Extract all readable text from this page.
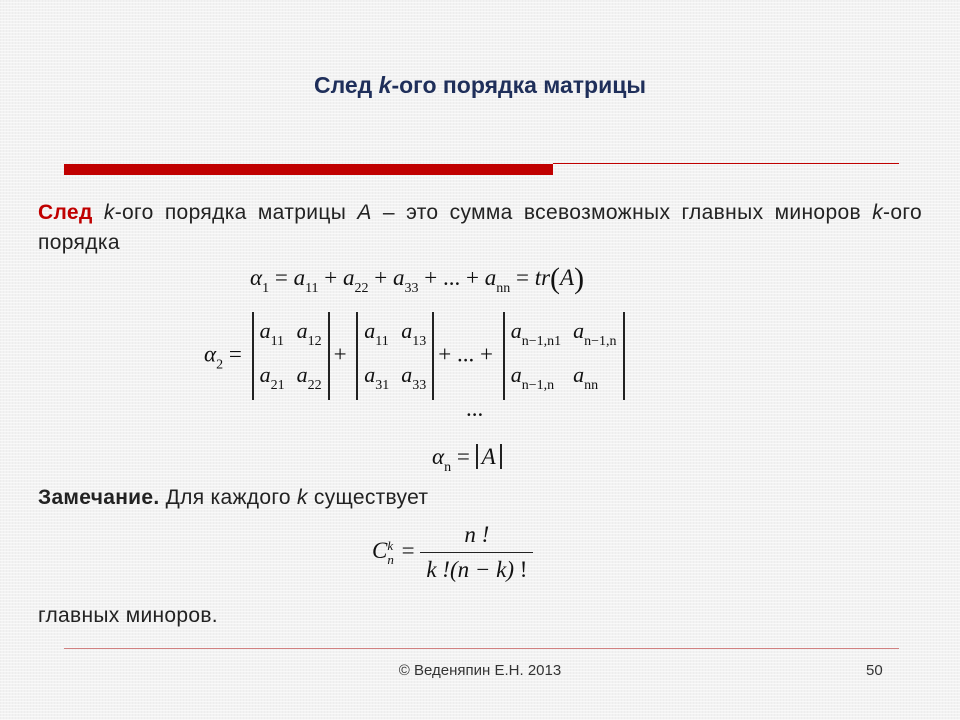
След k-ого порядка матрицы
След k-ого порядка матрицы A – это сумма всевозможных главных миноров k-ого порядка
$\alpha_1 = a_{11} + a_{22} + a_{33}$ + ... + $a_{nn} = tr(A)$
$\alpha_2$ =
$a_{11}$	$a_{12}$
$a_{21}$	$a_{22}$
+
$a_{11}$	$a_{13}$
$a_{31}$	$a_{33}$
+ ... +
$a_{n-1,n1}$	$a_{n-1,n}$
$a_{n-1,n}$	$a_{nn}$
...
$\alpha_n = A$
Замечание. Для каждого k существует
C k
$n = \frac{n !}{k !(n - k) !}$
главных миноров.
© Веденяпин Е.Н. 2013	50
